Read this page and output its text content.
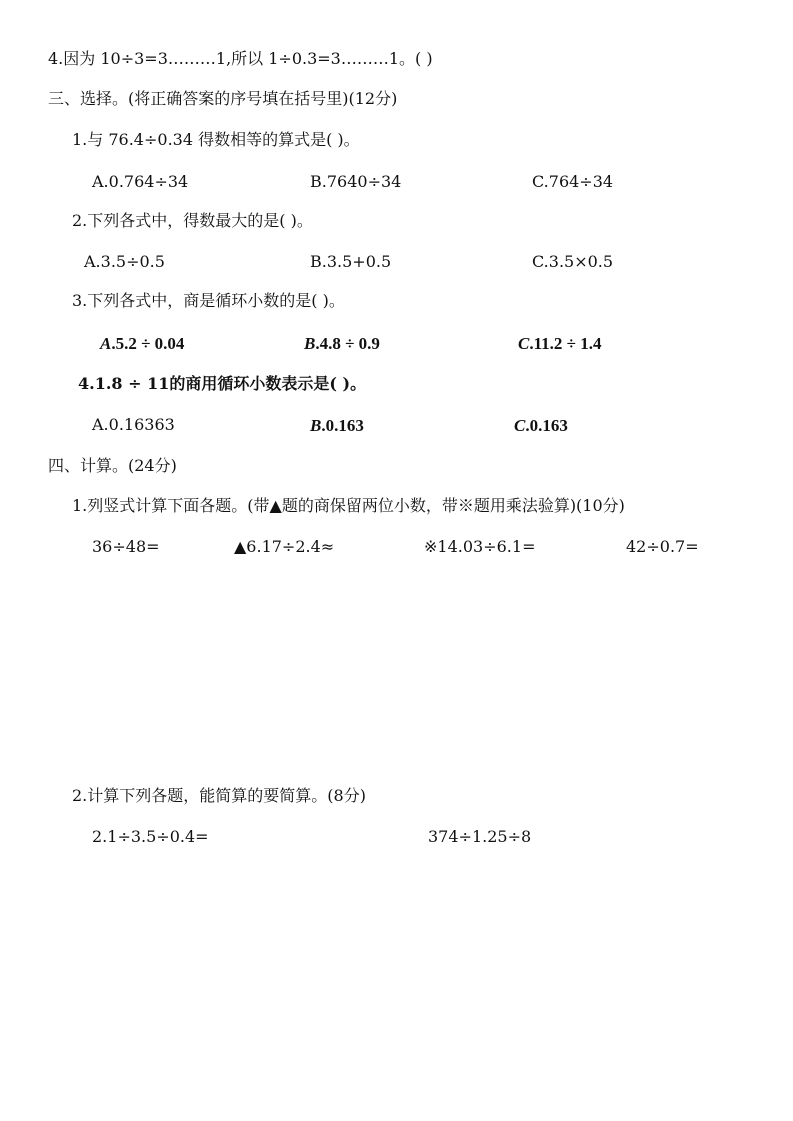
4.因为 10÷3=3………1,所以 1÷0.3=3………1。( )
三、选择。(将正确答案的序号填在括号里)(12分)
1.与 76.4÷0.34 得数相等的算式是( )。
A.0.764÷34	B.7640÷34	C.764÷34
2.下列各式中，得数最大的是( )。
A.3.5÷0.5	B.3.5+0.5	C.3.5×0.5
3.下列各式中，商是循环小数的是( )。
A.5.2 ÷ 0.04	B.4.8 ÷ 0.9	C.11.2 ÷ 1.4
4.1.8 ÷ 11的商用循环小数表示是( )。
A.0.16363	B.0.163	C.0.163
四、计算。(24分)
1.列竖式计算下面各题。(带▲题的商保留两位小数，带※题用乘法验算)(10分)
36÷48=	▲6.17÷2.4≈	※14.03÷6.1=	42÷0.7=
2.计算下列各题，能简算的要简算。(8分)
2.1÷3.5÷0.4=	374÷1.25÷8
